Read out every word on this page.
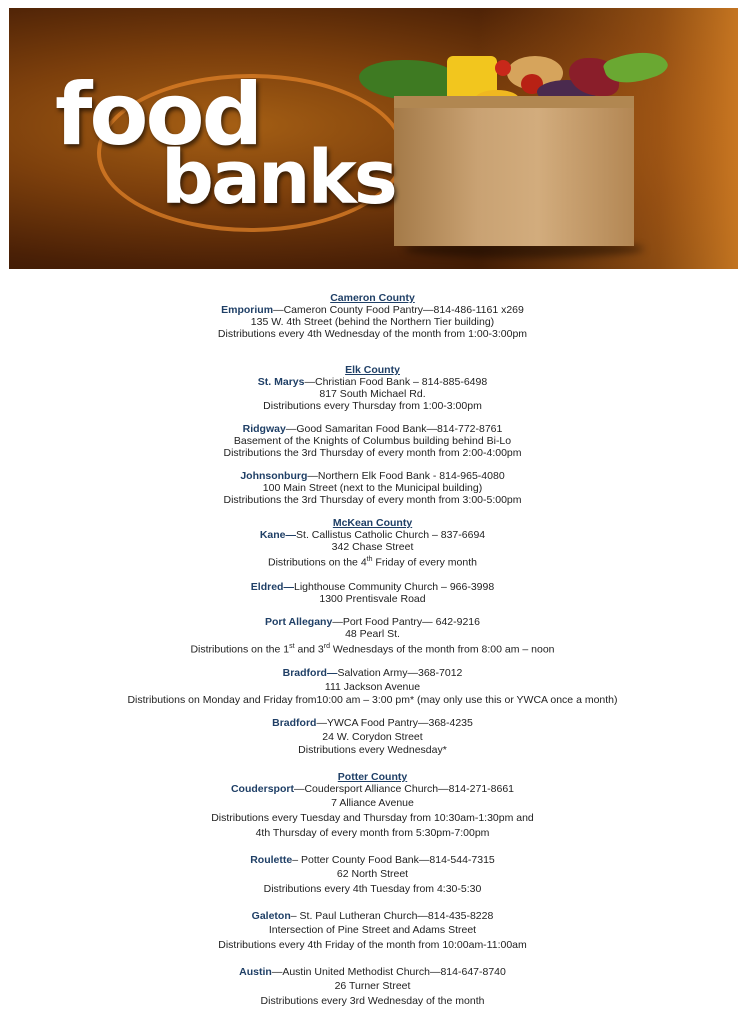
food
banks
Cameron County
Emporium—Cameron County Food Pantry—814-486-1161 x269
135 W. 4th Street (behind the Northern Tier building)
Distributions every 4th Wednesday of the month from 1:00-3:00pm
Elk County
St. Marys—Christian Food Bank – 814-885-6498
817 South Michael Rd.
Distributions every Thursday from 1:00-3:00pm
Ridgway—Good Samaritan Food Bank—814-772-8761
Basement of the Knights of Columbus building behind Bi-Lo
Distributions the 3rd Thursday of every month from 2:00-4:00pm
Johnsonburg—Northern Elk Food Bank - 814-965-4080
100 Main Street (next to the Municipal building)
Distributions the 3rd Thursday of every month from 3:00-5:00pm
McKean County
Kane—St. Callistus Catholic Church – 837-6694
342 Chase Street
Distributions on the 4th Friday of every month
Eldred—Lighthouse Community Church – 966-3998
1300 Prentisvale Road
Port Allegany—Port Food Pantry— 642-9216
48 Pearl St.
Distributions on the 1st and 3rd Wednesdays of the month from 8:00 am – noon
Bradford—Salvation Army—368-7012
111 Jackson Avenue
Distributions on Monday and Friday from10:00 am – 3:00 pm* (may only use this or YWCA once a month)
Bradford—YWCA Food Pantry—368-4235
24 W. Corydon Street
Distributions every Wednesday*
Potter County
Coudersport—Coudersport Alliance Church—814-271-8661
7 Alliance Avenue
Distributions every Tuesday and Thursday from 10:30am-1:30pm and
4th Thursday of every month from 5:30pm-7:00pm
Roulette– Potter County Food Bank—814-544-7315
62 North Street
Distributions every 4th Tuesday from 4:30-5:30
Galeton– St. Paul Lutheran Church—814-435-8228
Intersection of Pine Street and Adams Street
Distributions every 4th Friday of the month from 10:00am-11:00am
Austin—Austin United Methodist Church—814-647-8740
26 Turner Street
Distributions every 3rd Wednesday of the month
